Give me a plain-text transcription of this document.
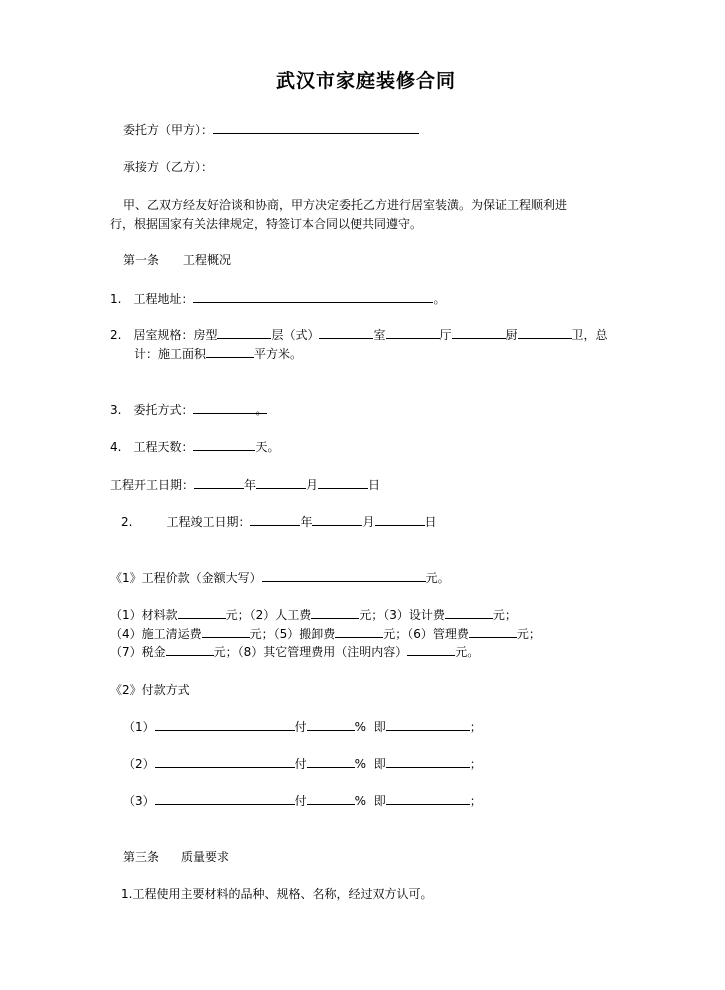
武汉市家庭装修合同
委托方（甲方）：
承接方（乙方）：
甲、乙双方经友好洽谈和协商，甲方决定委托乙方进行居室装潢。为保证工程顺利进
行，根据国家有关法律规定，特签订本合同以便共同遵守。
第一条 工程概况
1. 工程地址：	。
2. 居室规格：房型	层（式）	室	厅	厨	卫，总
计：施工面积	平方米。
3. 委托方式：	。
4. 工程天数：	天。
工程开工日期：	年	月	日
2.	工程竣工日期：	年	月	日
《1》工程价款（金额大写）	元。
（1）材料款	元；（2）人工费	元；（3）设计费	元；
（4）施工清运费	元；（5）搬卸费	元；（6）管理费	元；
（7）税金	元；（8）其它管理费用（注明内容）	元。
《2》付款方式
（1）	付	% 即	；
（2）	付	% 即	；
（3）	付	% 即	；
第三条 质量要求
1.工程使用主要材料的品种、规格、名称，经过双方认可。
